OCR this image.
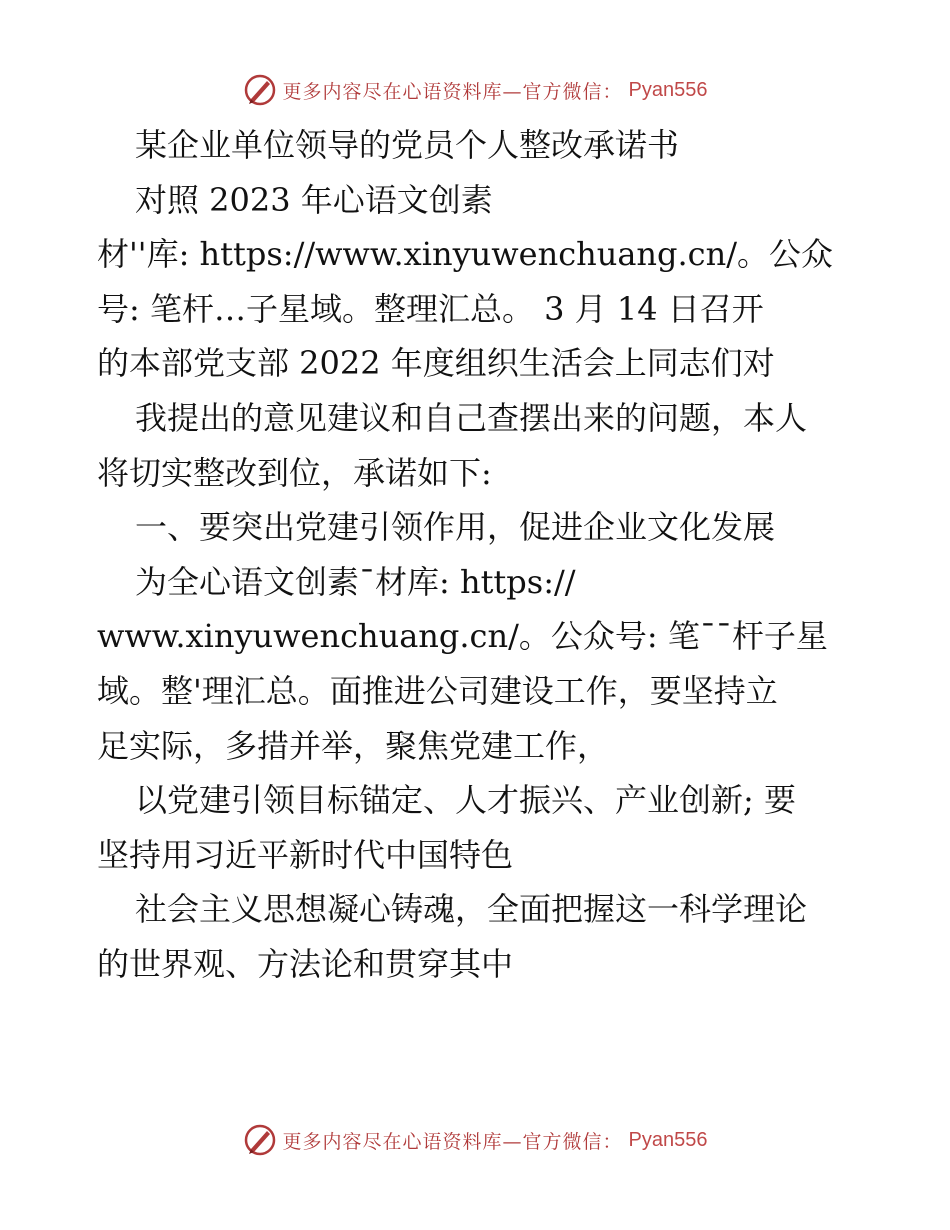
更多内容尽在心语资料库—官方微信： Pyan556
某企业单位领导的党员个人整改承诺书
对照 2023 年心语文创素
材''库: https://www.xinyuwenchuang.cn/。公众
号: 笔杆…子星域。整理汇总。 3 月 14 日召开
的本部党支部 2022 年度组织生活会上同志们对
我提出的意见建议和自己查摆出来的问题，本人
将切实整改到位，承诺如下:
一、要突出党建引领作用，促进企业文化发展
为全心语文创素¯材库: https://
www.xinyuwenchuang.cn/。公众号: 笔¯¯杆子星
域。整'理汇总。面推进公司建设工作，要坚持立
足实际，多措并举，聚焦党建工作，
以党建引领目标锚定、人才振兴、产业创新; 要
坚持用习近平新时代中国特色
社会主义思想凝心铸魂，全面把握这一科学理论
的世界观、方法论和贯穿其中
更多内容尽在心语资料库—官方微信： Pyan556
